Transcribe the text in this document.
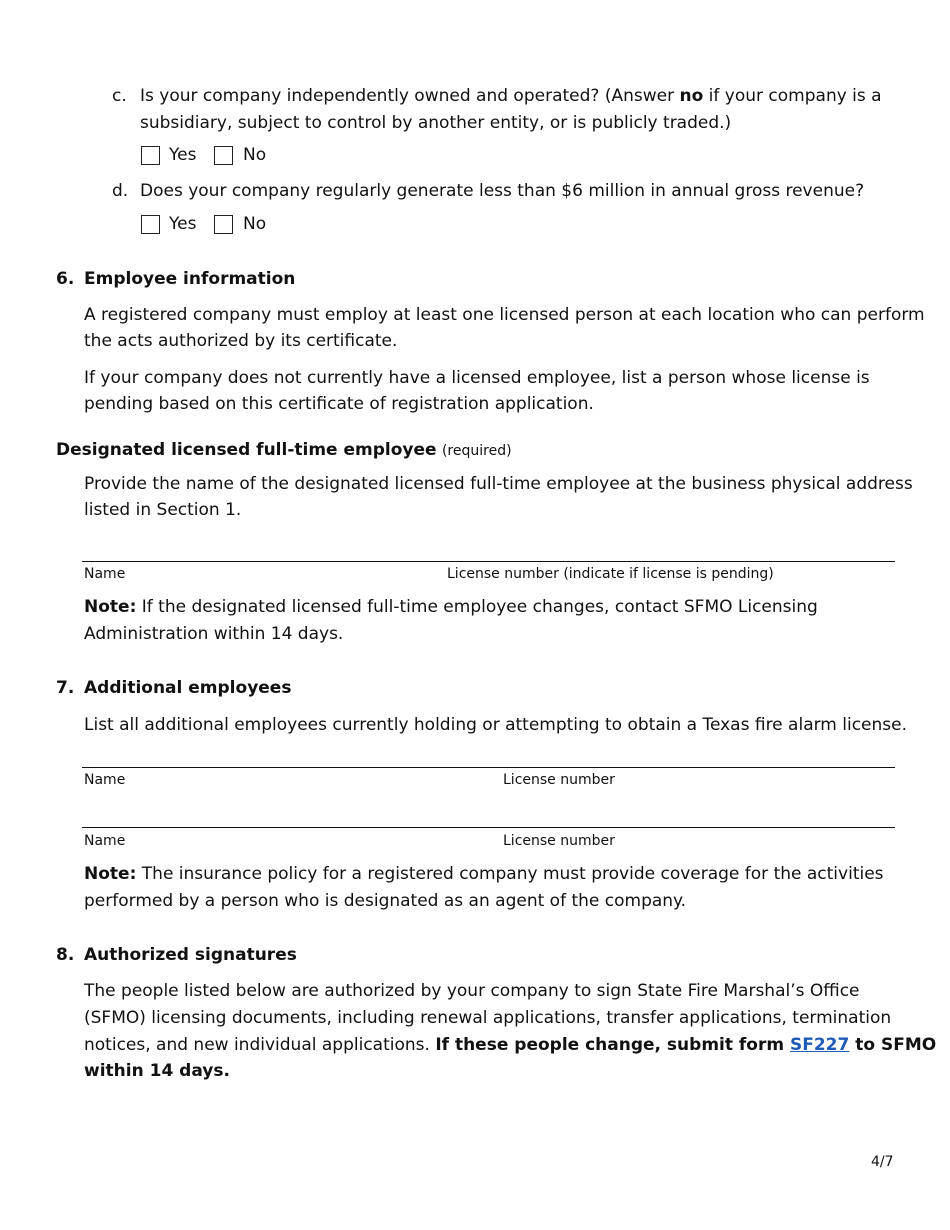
c. Is your company independently owned and operated? (Answer no if your company is a
subsidiary, subject to control by another entity, or is publicly traded.)
Yes	No
d. Does your company regularly generate less than $6 million in annual gross revenue?
Yes	No
6. Employee information
A registered company must employ at least one licensed person at each location who can perform
the acts authorized by its certificate.
If your company does not currently have a licensed employee, list a person whose license is
pending based on this certificate of registration application.
Designated licensed full-time employee (required)
Provide the name of the designated licensed full-time employee at the business physical address
listed in Section 1.
Name	License number (indicate if license is pending)
Note: If the designated licensed full-time employee changes, contact SFMO Licensing
Administration within 14 days.
7. Additional employees
List all additional employees currently holding or attempting to obtain a Texas fire alarm license.
Name	License number
Name	License number
Note: The insurance policy for a registered company must provide coverage for the activities
performed by a person who is designated as an agent of the company.
8. Authorized signatures
The people listed below are authorized by your company to sign State Fire Marshal’s Office
(SFMO) licensing documents, including renewal applications, transfer applications, termination
notices, and new individual applications. If these people change, submit form SF227 to SFMO
within 14 days.
4/7
